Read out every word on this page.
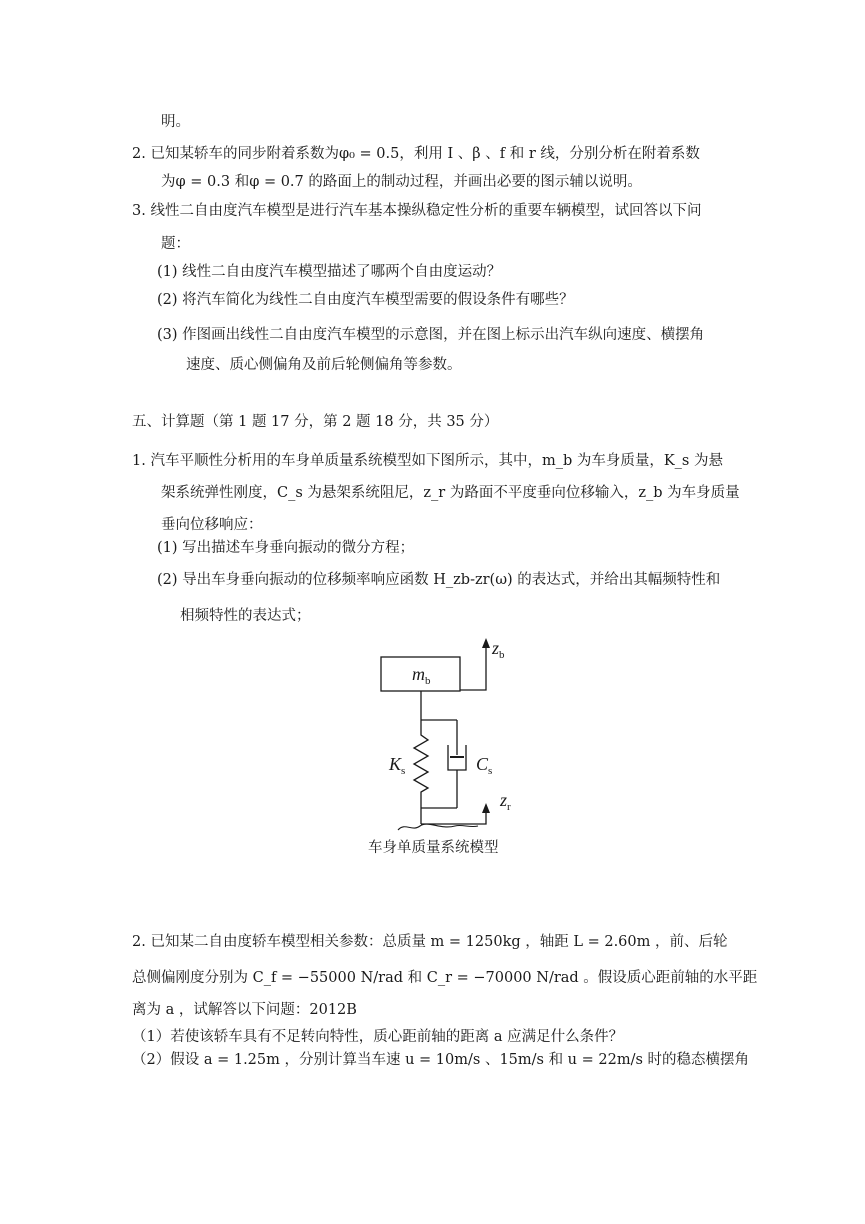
明。
2. 已知某轿车的同步附着系数为φ₀ = 0.5，利用 I 、β 、f 和 r 线，分别分析在附着系数
为φ = 0.3 和φ = 0.7 的路面上的制动过程，并画出必要的图示辅以说明。
3. 线性二自由度汽车模型是进行汽车基本操纵稳定性分析的重要车辆模型，试回答以下问
题：
(1) 线性二自由度汽车模型描述了哪两个自由度运动？
(2) 将汽车简化为线性二自由度汽车模型需要的假设条件有哪些？
(3) 作图画出线性二自由度汽车模型的示意图，并在图上标示出汽车纵向速度、横摆角
速度、质心侧偏角及前后轮侧偏角等参数。
五、计算题（第 1 题 17 分，第 2 题 18 分，共 35 分）
1. 汽车平顺性分析用的车身单质量系统模型如下图所示，其中，m_b 为车身质量，K_s 为悬
架系统弹性刚度，C_s 为悬架系统阻尼，z_r 为路面不平度垂向位移输入，z_b 为车身质量
垂向位移响应：
(1) 写出描述车身垂向振动的微分方程；
(2) 导出车身垂向振动的位移频率响应函数 H_zb-zr(ω) 的表达式，并给出其幅频特性和
相频特性的表达式；
$m_b$
$z_b$
$K_s$	$C_s$
$z_r$
车身单质量系统模型
2. 已知某二自由度轿车模型相关参数：总质量 m = 1250kg ，轴距 L = 2.60m ，前、后轮
总侧偏刚度分别为 C_f = −55000 N/rad 和 C_r = −70000 N/rad 。假设质心距前轴的水平距
离为 a ，试解答以下问题：2012B
（1）若使该轿车具有不足转向特性，质心距前轴的距离 a 应满足什么条件？
（2）假设 a = 1.25m ，分别计算当车速 u = 10m/s 、15m/s 和 u = 22m/s 时的稳态横摆角
